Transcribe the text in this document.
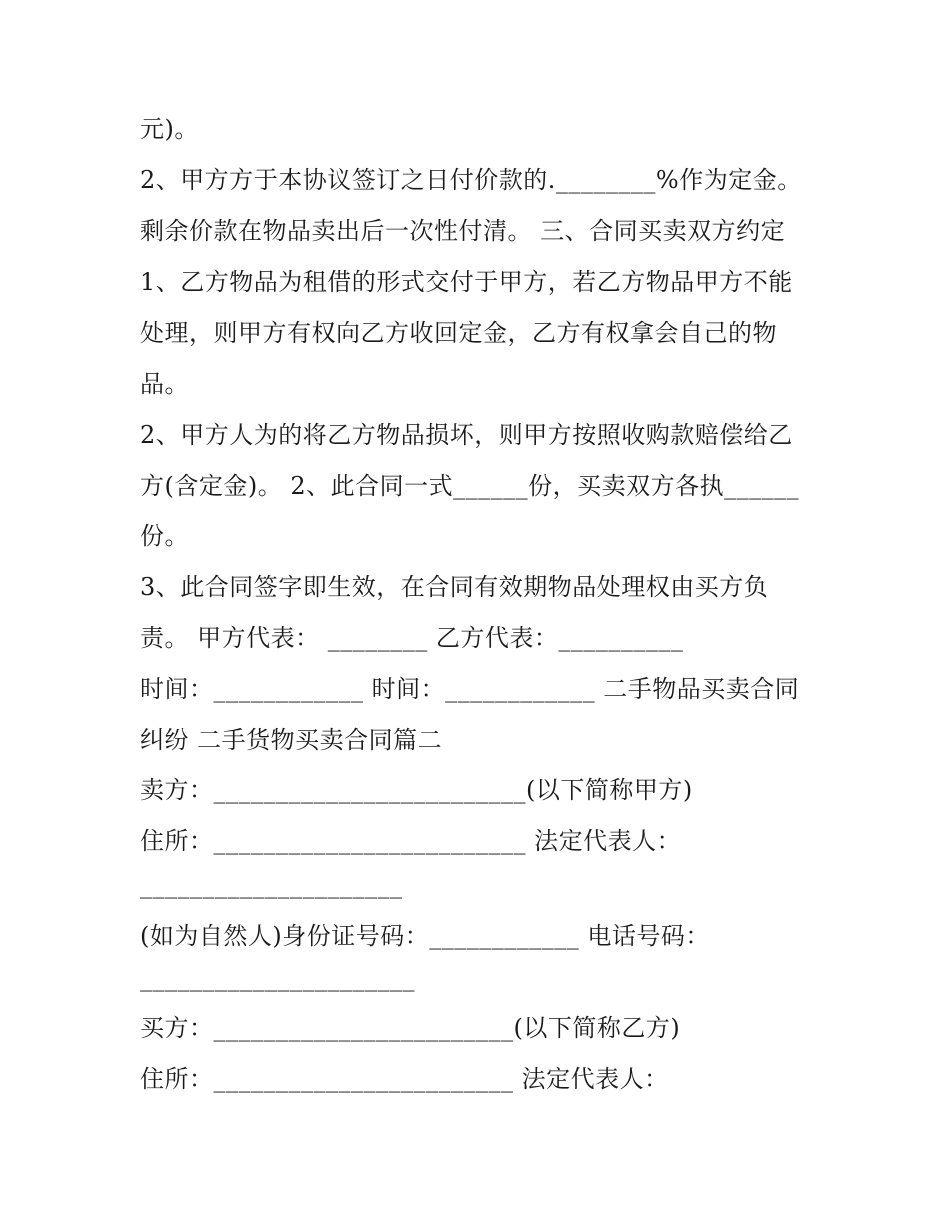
元)。
2、甲方方于本协议签订之日付价款的.________%作为定金。
剩余价款在物品卖出后一次性付清。 三、合同买卖双方约定
1、乙方物品为租借的形式交付于甲方，若乙方物品甲方不能
处理，则甲方有权向乙方收回定金，乙方有权拿会自己的物
品。
2、甲方人为的将乙方物品损坏，则甲方按照收购款赔偿给乙
方(含定金)。 2、此合同一式______份，买卖双方各执______
份。
3、此合同签字即生效，在合同有效期物品处理权由买方负
责。 甲方代表： ________ 乙方代表：__________
时间：____________ 时间：____________ 二手物品买卖合同
纠纷 二手货物买卖合同篇二
卖方：_________________________(以下简称甲方)
住所：_________________________ 法定代表人：
_____________________
(如为自然人)身份证号码：____________ 电话号码：
______________________
买方：________________________(以下简称乙方)
住所：________________________ 法定代表人：
